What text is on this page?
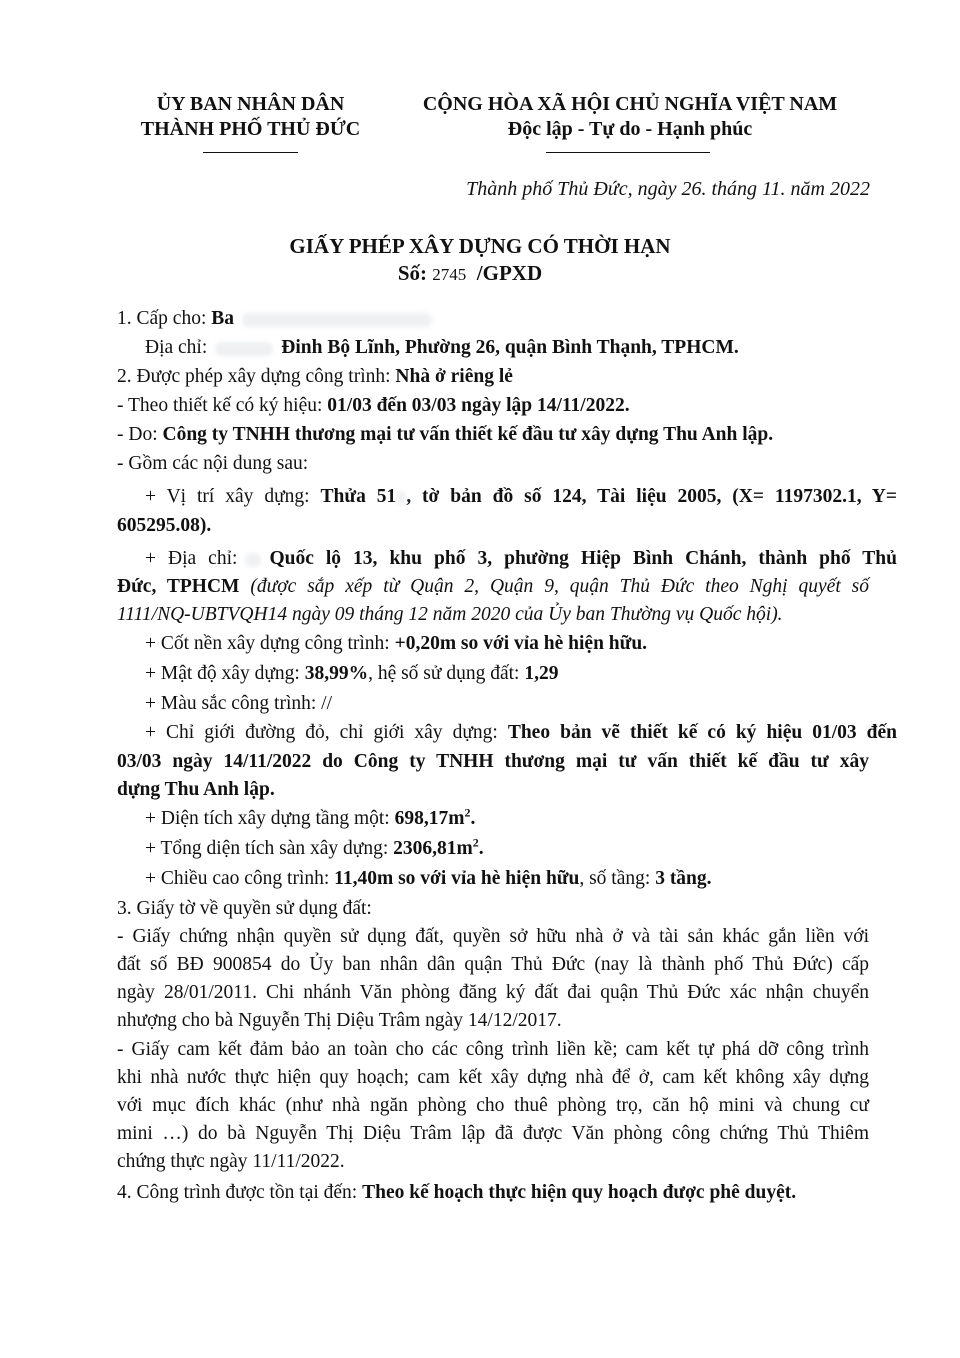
ỦY BAN NHÂN DÂN
THÀNH PHỐ THỦ ĐỨC
CỘNG HÒA XÃ HỘI CHỦ NGHĨA VIỆT NAM
Độc lập - Tự do - Hạnh phúc
Thành phố Thủ Đức, ngày 26. tháng 11. năm 2022
GIẤY PHÉP XÂY DỰNG CÓ THỜI HẠN
Số: 2745 /GPXD
1. Cấp cho: Ba
Địa chỉ:	Đinh Bộ Lĩnh, Phường 26, quận Bình Thạnh, TPHCM.
2. Được phép xây dựng công trình: Nhà ở riêng lẻ
- Theo thiết kế có ký hiệu: 01/03 đến 03/03 ngày lập 14/11/2022.
- Do: Công ty TNHH thương mại tư vấn thiết kế đầu tư xây dựng Thu Anh lập.
- Gồm các nội dung sau:
+ Vị trí xây dựng: Thửa 51 , tờ bản đồ số 124, Tài liệu 2005, (X= 1197302.1, Y=
605295.08).
+ Địa chỉ: Quốc lộ 13, khu phố 3, phường Hiệp Bình Chánh, thành phố Thủ
Đức, TPHCM (được sắp xếp từ Quận 2, Quận 9, quận Thủ Đức theo Nghị quyết số
1111/NQ-UBTVQH14 ngày 09 tháng 12 năm 2020 của Ủy ban Thường vụ Quốc hội).
+ Cốt nền xây dựng công trình: +0,20m so với vỉa hè hiện hữu.
+ Mật độ xây dựng: 38,99%, hệ số sử dụng đất: 1,29
+ Màu sắc công trình: //
+ Chỉ giới đường đỏ, chỉ giới xây dựng: Theo bản vẽ thiết kế có ký hiệu 01/03 đến
03/03 ngày 14/11/2022 do Công ty TNHH thương mại tư vấn thiết kế đầu tư xây
dựng Thu Anh lập.
+ Diện tích xây dựng tầng một: $698,17m^2$.
+ Tổng diện tích sàn xây dựng: $2306,81m^2$.
+ Chiều cao công trình: 11,40m so với vỉa hè hiện hữu, số tầng: 3 tầng.
3. Giấy tờ về quyền sử dụng đất:
- Giấy chứng nhận quyền sử dụng đất, quyền sở hữu nhà ở và tài sản khác gắn liền với
đất số BĐ 900854 do Ủy ban nhân dân quận Thủ Đức (nay là thành phố Thủ Đức) cấp
ngày 28/01/2011. Chi nhánh Văn phòng đăng ký đất đai quận Thủ Đức xác nhận chuyển
nhượng cho bà Nguyễn Thị Diệu Trâm ngày 14/12/2017.
- Giấy cam kết đảm bảo an toàn cho các công trình liền kề; cam kết tự phá dỡ công trình
khi nhà nước thực hiện quy hoạch; cam kết xây dựng nhà để ở, cam kết không xây dựng
với mục đích khác (như nhà ngăn phòng cho thuê phòng trọ, căn hộ mini và chung cư
mini …) do bà Nguyễn Thị Diệu Trâm lập đã được Văn phòng công chứng Thủ Thiêm
chứng thực ngày 11/11/2022.
4. Công trình được tồn tại đến: Theo kế hoạch thực hiện quy hoạch được phê duyệt.
